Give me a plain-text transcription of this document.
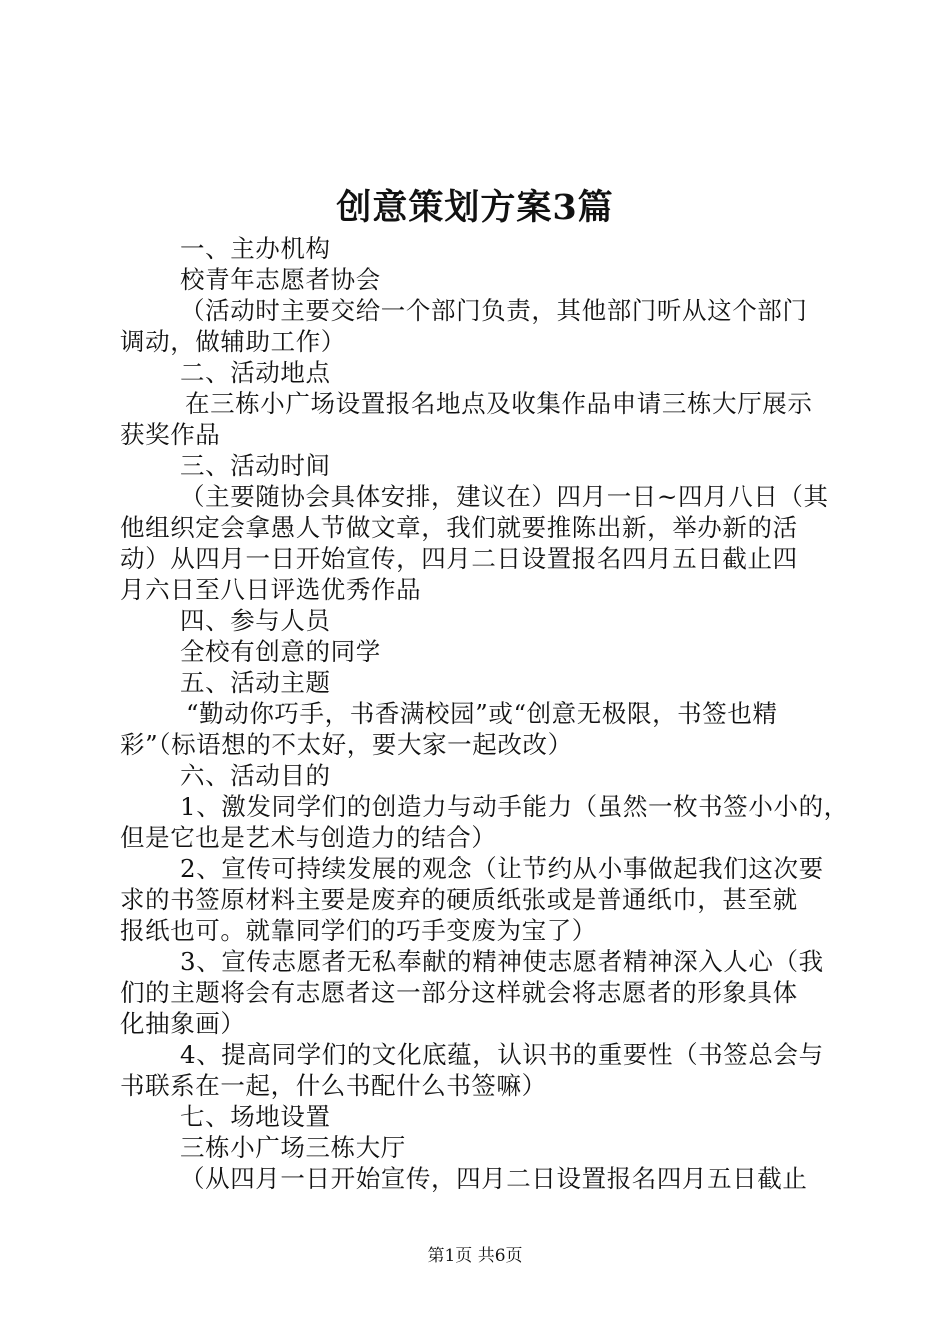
创意策划方案3篇
一、主办机构
校青年志愿者协会
（活动时主要交给一个部门负责，其他部门听从这个部门
调动，做辅助工作）
二、活动地点
在三栋小广场设置报名地点及收集作品申请三栋大厅展示
获奖作品
三、活动时间
（主要随协会具体安排，建议在）四月一日~四月八日（其
他组织定会拿愚人节做文章，我们就要推陈出新，举办新的活
动）从四月一日开始宣传，四月二日设置报名四月五日截止四
月六日至八日评选优秀作品
四、参与人员
全校有创意的同学
五、活动主题
“勤动你巧手，书香满校园”或“创意无极限，书签也精
彩”（标语想的不太好，要大家一起改改）
六、活动目的
1、激发同学们的创造力与动手能力（虽然一枚书签小小的，
但是它也是艺术与创造力的结合）
2、宣传可持续发展的观念（让节约从小事做起我们这次要
求的书签原材料主要是废弃的硬质纸张或是普通纸巾，甚至就
报纸也可。就靠同学们的巧手变废为宝了）
3、宣传志愿者无私奉献的精神使志愿者精神深入人心（我
们的主题将会有志愿者这一部分这样就会将志愿者的形象具体
化抽象画）
4、提高同学们的文化底蕴，认识书的重要性（书签总会与
书联系在一起，什么书配什么书签嘛）
七、场地设置
三栋小广场三栋大厅
（从四月一日开始宣传，四月二日设置报名四月五日截止
第1页 共6页
